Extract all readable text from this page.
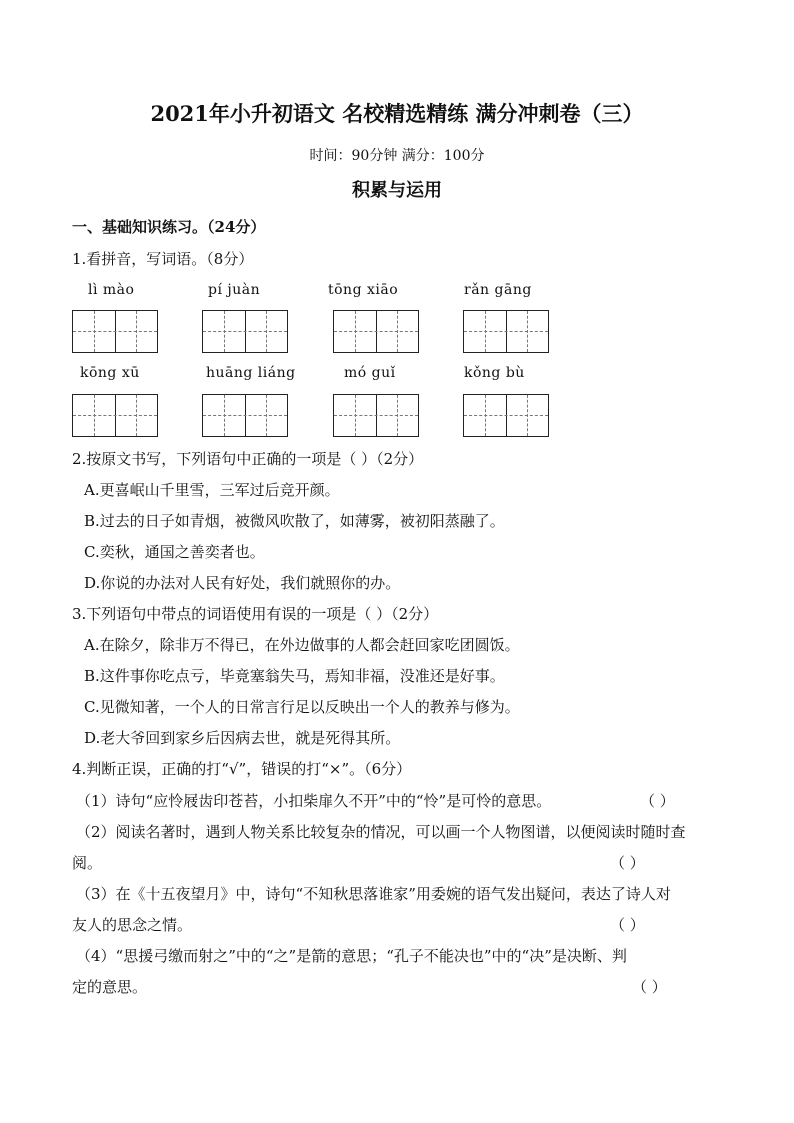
2021年小升初语文 名校精选精练 满分冲刺卷（三）
时间：90分钟 满分：100分
积累与运用
一、基础知识练习。（24分）
1.看拼音，写词语。（8分）
lì mào	pí juàn	tōng xiāo	rǎn gāng
kōng xū	huāng liáng	mó guǐ	kǒng bù
2.按原文书写，下列语句中正确的一项是（ ）（2分）
A.更喜岷山千里雪，三军过后竞开颜。
B.过去的日子如青烟，被微风吹散了，如薄雾，被初阳蒸融了。
C.奕秋，通国之善奕者也。
D.你说的办法对人民有好处，我们就照你的办。
3.下列语句中带点的词语使用有误的一项是（ ）（2分）
A.在除夕，除非万不得已，在外边做事的人都会赶回家吃团圆饭。
B.这件事你吃点亏，毕竟塞翁失马，焉知非福，没准还是好事。
C.见微知著，一个人的日常言行足以反映出一个人的教养与修为。
D.老大爷回到家乡后因病去世，就是死得其所。
4.判断正误，正确的打“√”，错误的打“×”。（6分）
（1）诗句“应怜屐齿印苍苔，小扣柴扉久不开”中的“怜”是可怜的意思。	（ ）
（2）阅读名著时，遇到人物关系比较复杂的情况，可以画一个人物图谱，以便阅读时随时查
阅。	（ ）
（3）在《十五夜望月》中，诗句“不知秋思落谁家”用委婉的语气发出疑问，表达了诗人对
友人的思念之情。	（ ）
（4）“思援弓缴而射之”中的“之”是箭的意思；“孔子不能决也”中的“决”是决断、判
定的意思。	（ ）
